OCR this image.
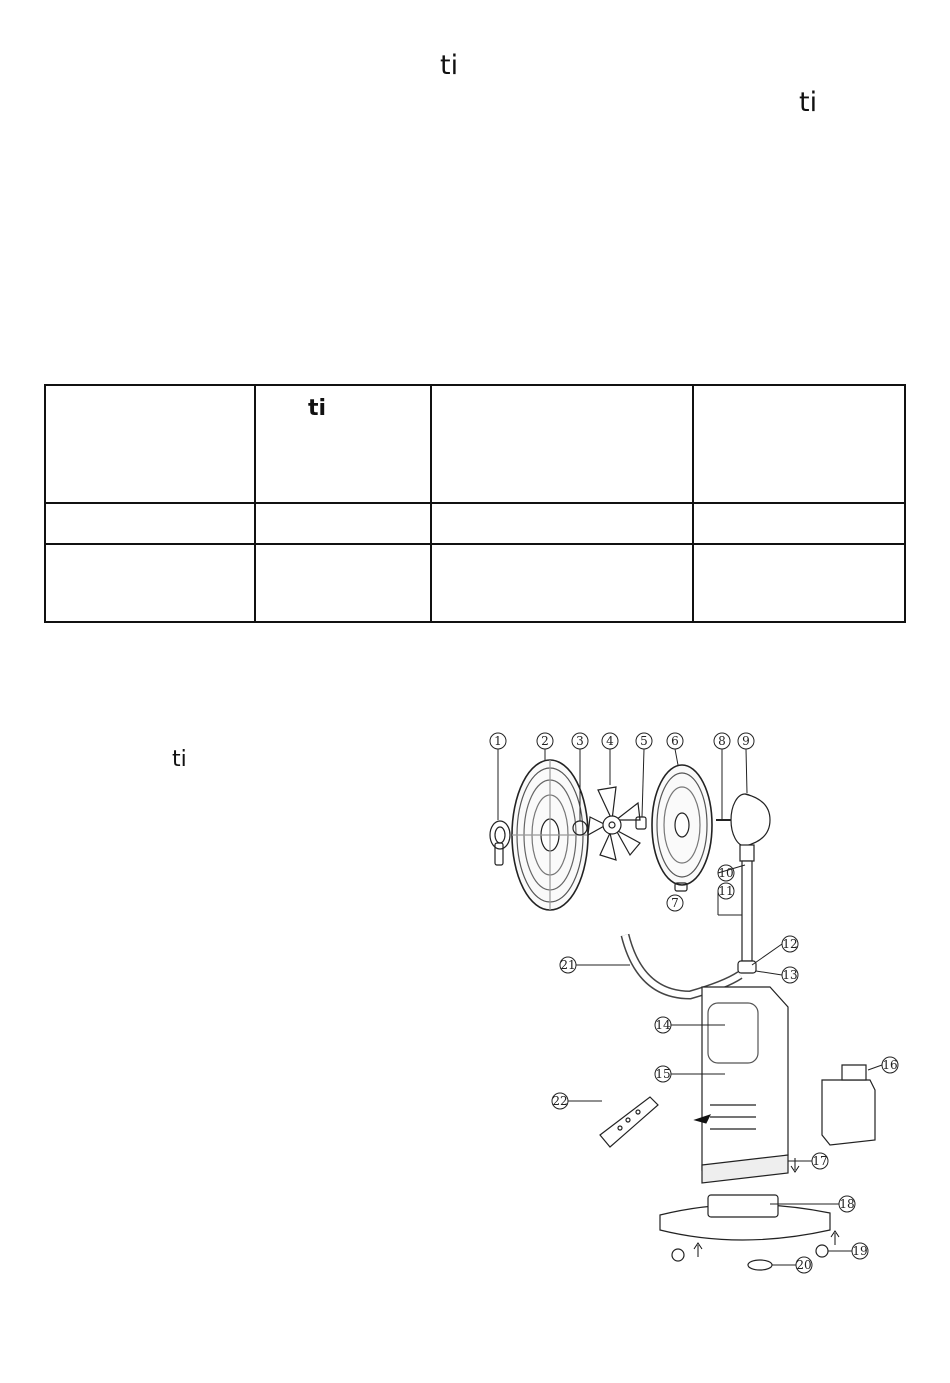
ti
ti
	ti		

ti
1	2 3 4 5 6
7
8 9
10
11
12
13
14
15
16
17
18
19
20
21
22
